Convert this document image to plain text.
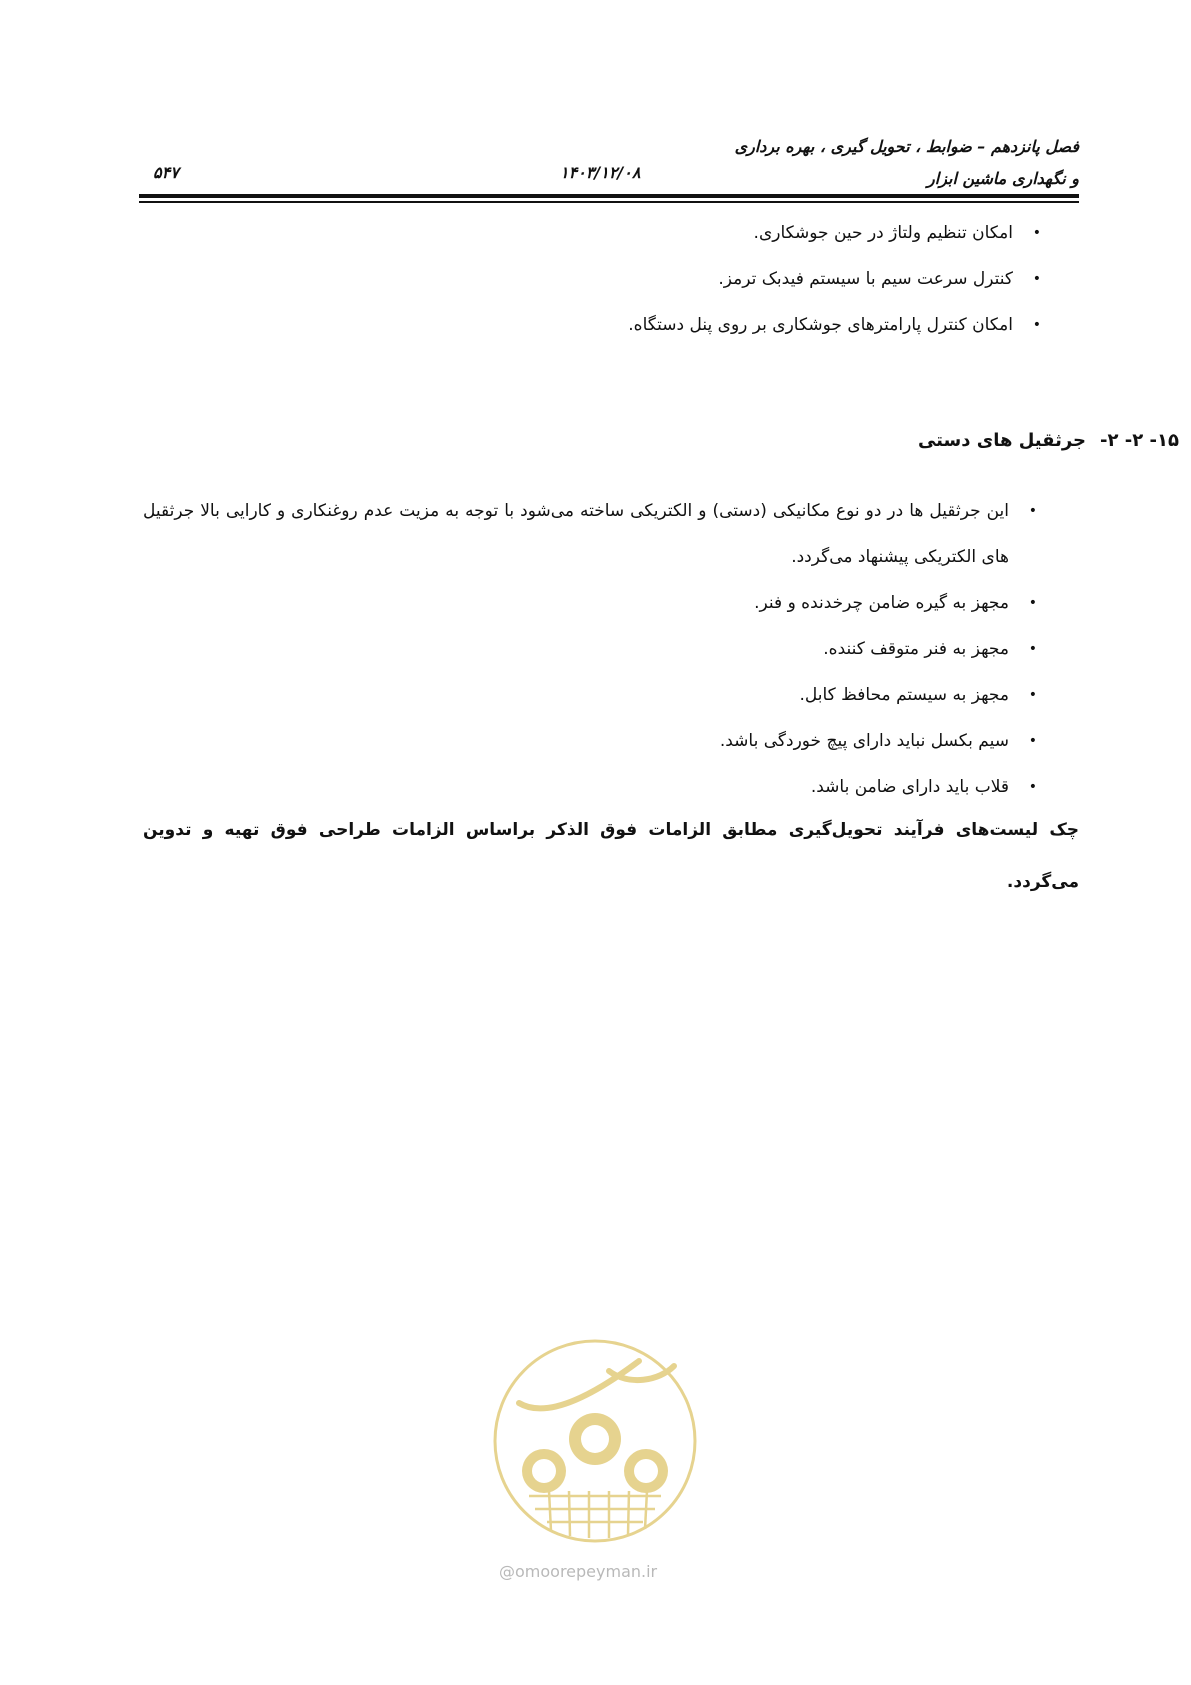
فصل پانزدهم – ضوابط ، تحویل گیری ، بهره برداری
و نگهداری ماشین ابزار
۱۴۰۳/۱۲/۰۸
۵۴۷
•
امکان تنظیم ولتاژ در حین جوشکاری.
•
کنترل سرعت سیم با سیستم فیدبک ترمز.
•
امکان کنترل پارامترهای جوشکاری بر روی پنل دستگاه.
۱۵- ۲- ۲-جرثقیل های دستی
•
این جرثقیل ها در دو نوع مکانیکی (دستی) و الکتریکی ساخته می‌شود با توجه به مزیت عدم روغنکاری و کارایی بالا جرثقیل های الکتریکی پیشنهاد می‌گردد.
•
مجهز به گیره ضامن چرخدنده و فنر.
•
مجهز به فنر متوقف کننده.
•
مجهز به سیستم محافظ کابل.
•
سیم بکسل نباید دارای پیچ خوردگی باشد.
•
قلاب باید دارای ضامن باشد.
چک لیست‌های فرآیند تحویل‌گیری مطابق الزامات فوق الذکر براساس الزامات طراحی فوق تهیه و تدوین می‌گردد.
@omoorepeyman.ir
